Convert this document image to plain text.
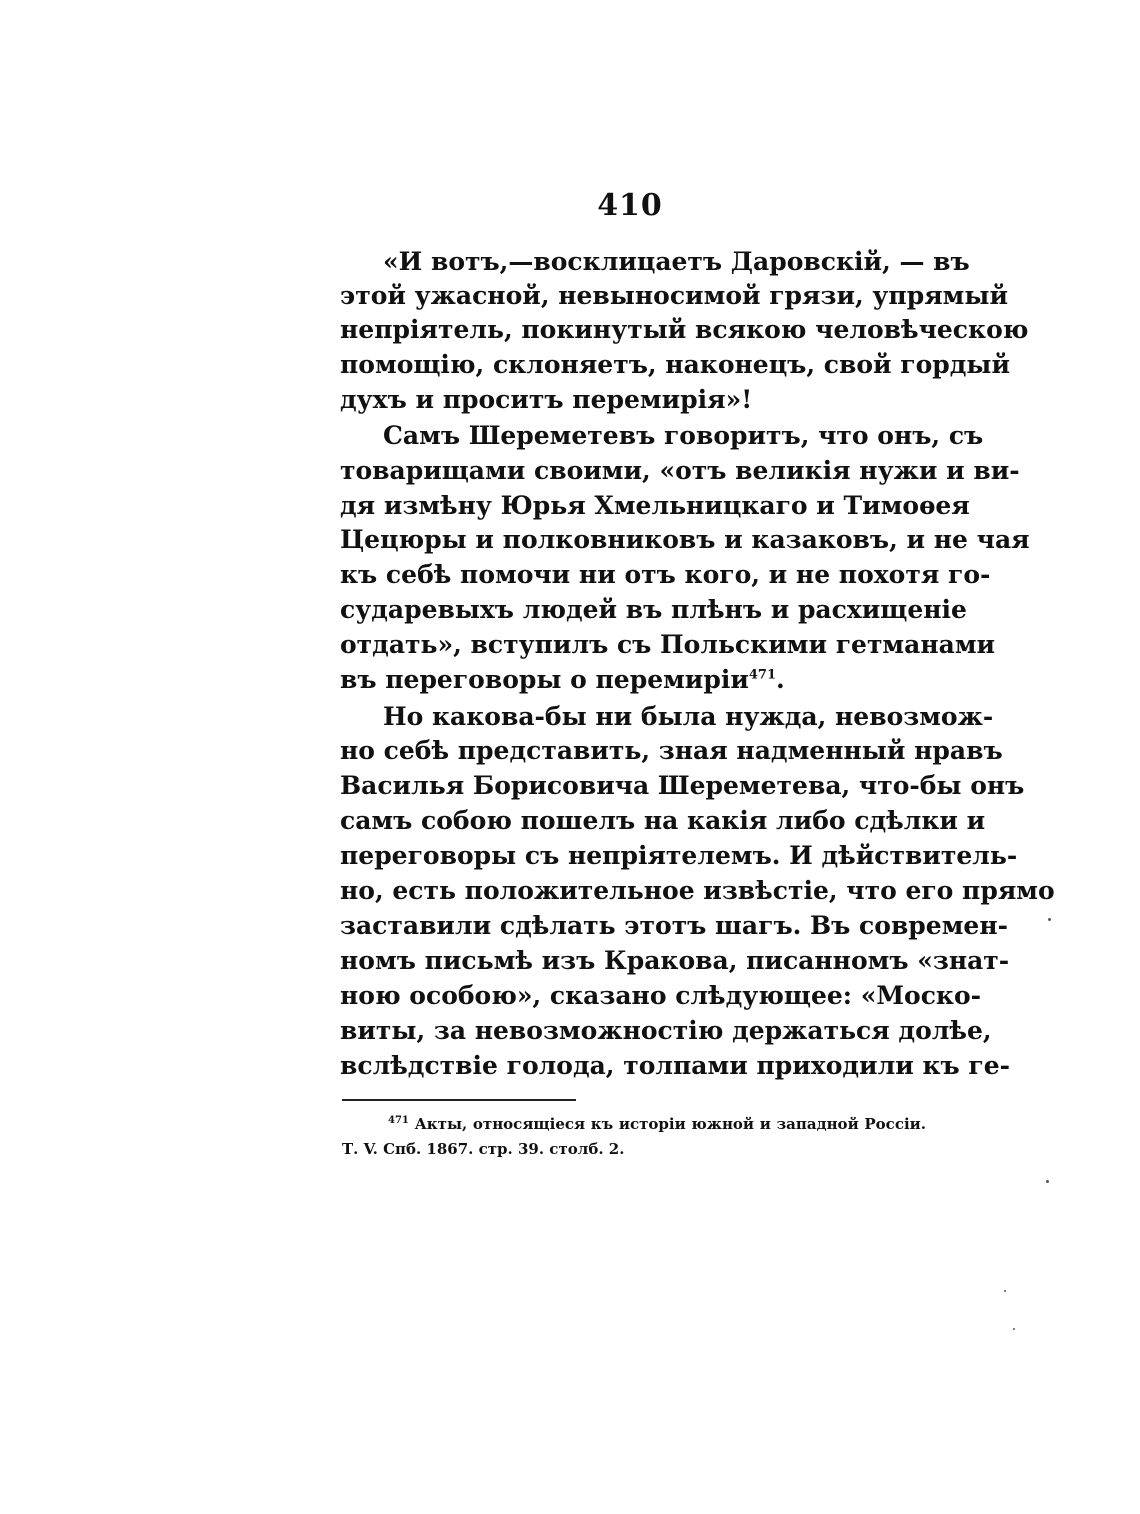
410
«И вотъ,—восклицаетъ Даровскій, — въ
этой ужасной, невыносимой грязи, упрямый
непріятель, покинутый всякою человѣческою
помощію, склоняетъ, наконецъ, свой гордый
духъ и проситъ перемирія»!
Самъ Шереметевъ говоритъ, что онъ, съ
товарищами своими, «отъ великія нужи и ви-
дя измѣну Юрья Хмельницкаго и Тимоѳея
Цецюры и полковниковъ и казаковъ, и не чая
къ себѣ помочи ни отъ кого, и не похотя го-
сударевыхъ людей въ плѣнъ и расхищеніе
отдать», вступилъ съ Польскими гетманами
въ переговоры о перемиріи$^{471}$.
Но какова-бы ни была нужда, невозмож-
но себѣ представить, зная надменный нравъ
Василья Борисовича Шереметева, что-бы онъ
самъ собою пошелъ на какія либо сдѣлки и
переговоры съ непріятелемъ. И дѣйствитель-
но, есть положительное извѣстіе, что его прямо
заставили сдѣлать этотъ шагъ. Въ современ-
номъ письмѣ изъ Кракова, писанномъ «знат-
ною особою», сказано слѣдующее: «Моско-
виты, за невозможностію держаться долѣе,
вслѣдствіе голода, толпами приходили къ ге-
$^{471}$ Акты, относящіеся къ исторіи южной и западной Россіи.
Т. V. Спб. 1867. стр. 39. столб. 2.
